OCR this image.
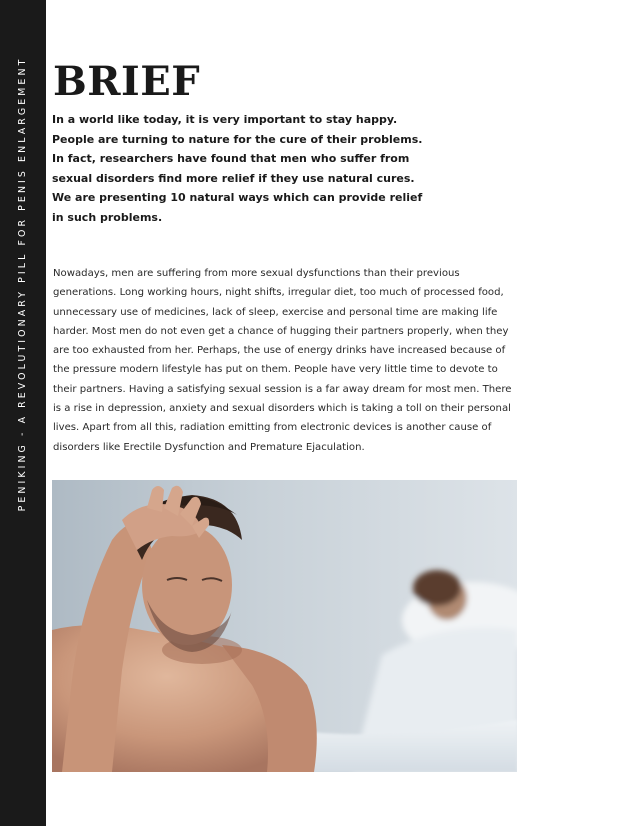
PENIKING - A REVOLUTIONARY PILL FOR PENIS ENLARGEMENT BRIEF

In a world like today, it is very important to stay happy. People are turning to nature for the cure of their problems. In fact, researchers have found that men who suffer from sexual disorders find more relief if they use natural cures. We are presenting 10 natural ways which can provide relief in such problems.

Nowadays, men are suffering from more sexual dysfunctions than their previous generations. Long working hours, night shifts, irregular diet, too much of processed food, unnecessary use of medicines, lack of sleep, exercise and personal time are making life harder. Most men do not even get a chance of hugging their partners properly, when they are too exhausted from her. Perhaps, the use of energy drinks have increased because of the pressure modern lifestyle has put on them. People have very little time to devote to their partners. Having a satisfying sexual session is a far away dream for most men. There is a rise in depression, anxiety and sexual disorders which is taking a toll on their personal lives. Apart from all this, radiation emitting from electronic devices is another cause of disorders like Erectile Dysfunction and Premature Ejaculation.
